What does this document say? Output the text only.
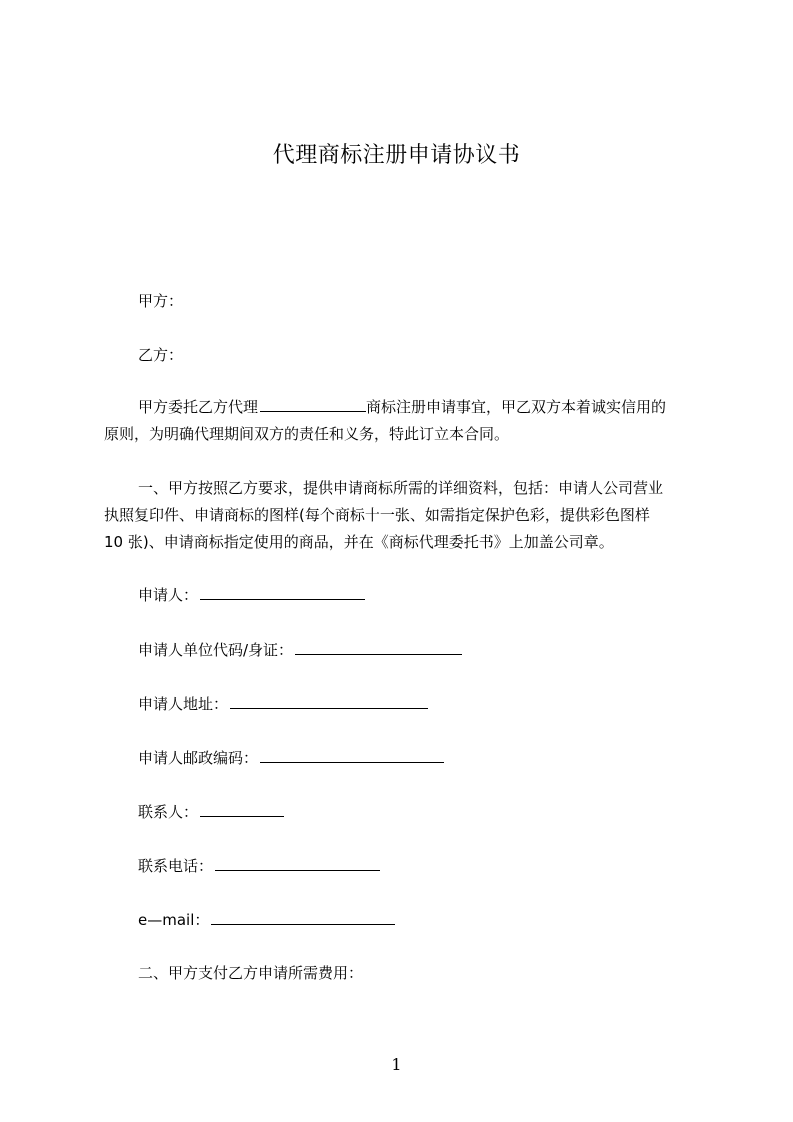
代理商标注册申请协议书
甲方：
乙方：
甲方委托乙方代理	商标注册申请事宜，甲乙双方本着诚实信用的
原则，为明确代理期间双方的责任和义务，特此订立本合同。
一、甲方按照乙方要求，提供申请商标所需的详细资料，包括：申请人公司营业
执照复印件、申请商标的图样(每个商标十一张、如需指定保护色彩，提供彩色图样
10 张)、申请商标指定使用的商品，并在《商标代理委托书》上加盖公司章。
申请人：
申请人单位代码/身证：
申请人地址：
申请人邮政编码：
联系人：
联系电话：
e—mail：
二、甲方支付乙方申请所需费用：
1
